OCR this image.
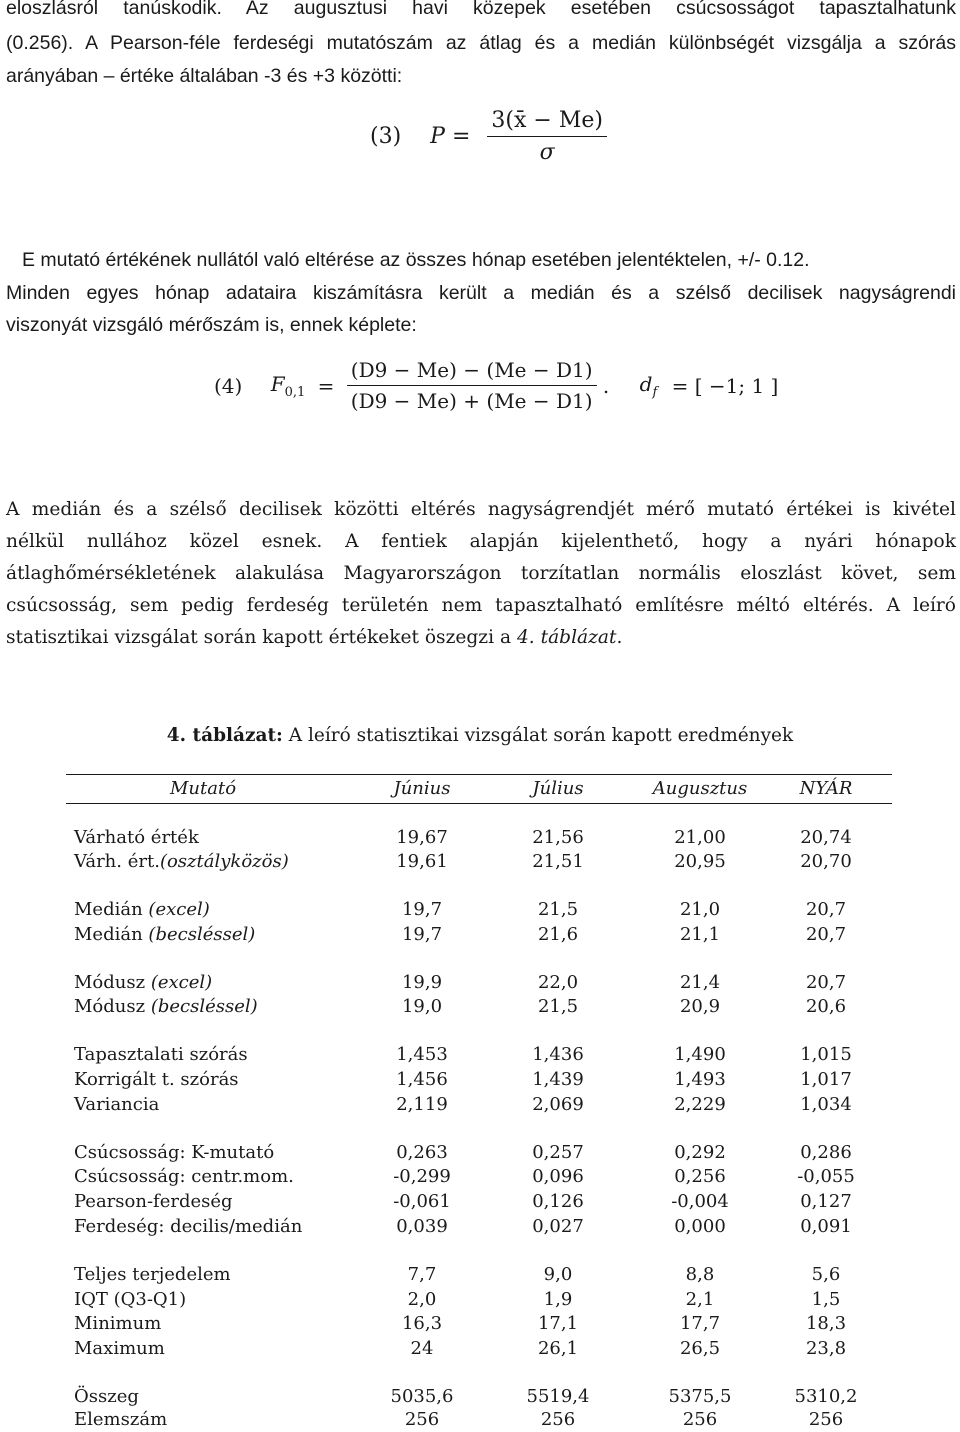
eloszlásról tanúskodik. Az augusztusi havi közepek esetében csúcsosságot tapasztalhatunk
(0.256). A Pearson-féle ferdeségi mutatószám az átlag és a medián különbségét vizsgálja a szórás
arányában – értéke általában -3 és +3 közötti:
(3) $P = \frac{3(x̄ - Me)}{\sigma}$
E mutató értékének nullától való eltérése az összes hónap esetében jelentéktelen, +/- 0.12.
Minden egyes hónap adataira kiszámításra került a medián és a szélső decilisek nagyságrendi
viszonyát vizsgáló mérőszám is, ennek képlete:
(4) $F_{0,1} = \frac{(D9 - Me) - (Me - D1)}{(D9 - Me) + (Me - D1)}$ . $d_f$ = [ −1; 1 ]
A medián és a szélső decilisek közötti eltérés nagyságrendjét mérő mutató értékei is kivétel
nélkül nullához közel esnek. A fentiek alapján kijelenthető, hogy a nyári hónapok
átlaghőmérsékletének alakulása Magyarországon torzítatlan normális eloszlást követ, sem
csúcsosság, sem pedig ferdeség területén nem tapasztalható említésre méltó eltérés. A leíró
statisztikai vizsgálat során kapott értékeket öszegzi a 4. táblázat.
4. táblázat: A leíró statisztikai vizsgálat során kapott eredmények
Mutató	Június	Július	Augusztus	NYÁR
Várható érték	19,67	21,56	21,00	20,74
Várh. ért.(osztályközös)	19,61	21,51	20,95	20,70
Medián (excel)	19,7	21,5	21,0	20,7
Medián (becsléssel)	19,7	21,6	21,1	20,7
Módusz (excel)	19,9	22,0	21,4	20,7
Módusz (becsléssel)	19,0	21,5	20,9	20,6
Tapasztalati szórás	1,453	1,436	1,490	1,015
Korrigált t. szórás	1,456	1,439	1,493	1,017
Variancia	2,119	2,069	2,229	1,034
Csúcsosság: K-mutató	0,263	0,257	0,292	0,286
Csúcsosság: centr.mom.	-0,299	0,096	0,256	-0,055
Pearson-ferdeség	-0,061	0,126	-0,004	0,127
Ferdeség: decilis/medián	0,039	0,027	0,000	0,091
Teljes terjedelem	7,7	9,0	8,8	5,6
IQT (Q3-Q1)	2,0	1,9	2,1	1,5
Minimum	16,3	17,1	17,7	18,3
Maximum	24	26,1	26,5	23,8
Összeg	5035,6	5519,4	5375,5	5310,2
Elemszám	256	256	256	256
